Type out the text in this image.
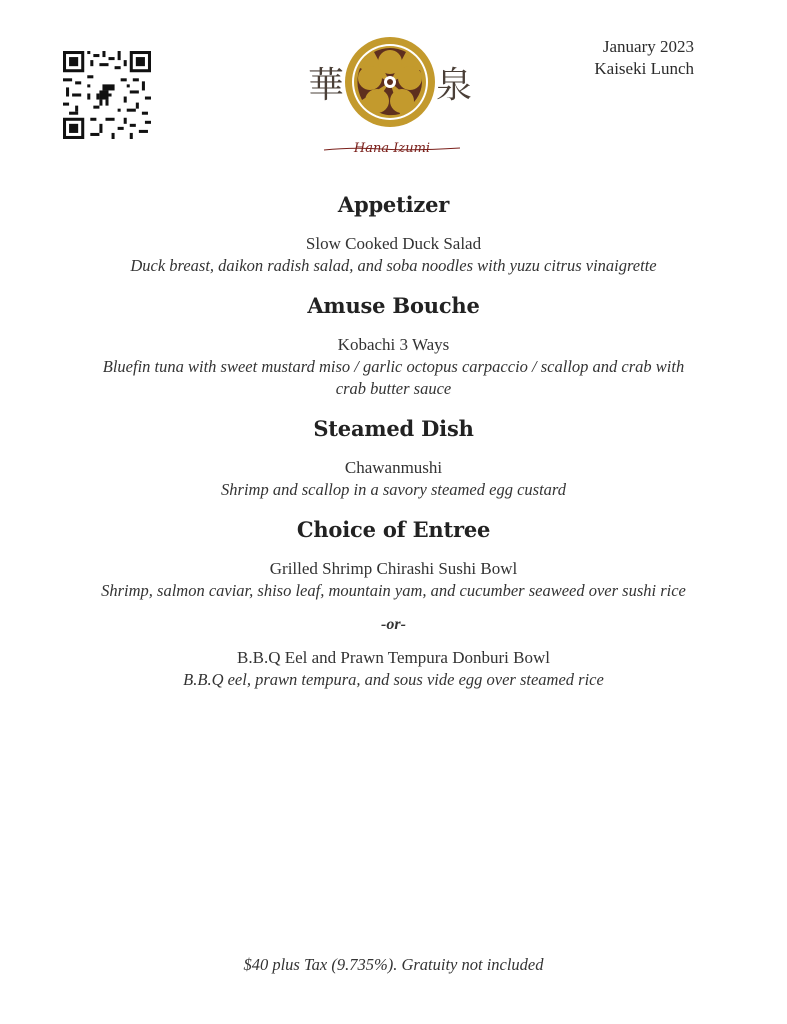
January 2023
Kaiseki Lunch
華	泉
Hana Izumi
Appetizer
Slow Cooked Duck Salad
Duck breast, daikon radish salad, and soba noodles with yuzu citrus vinaigrette
Amuse Bouche
Kobachi 3 Ways
Bluefin tuna with sweet mustard miso / garlic octopus carpaccio / scallop and crab with crab butter sauce
Steamed Dish
Chawanmushi
Shrimp and scallop in a savory steamed egg custard
Choice of Entree
Grilled Shrimp Chirashi Sushi Bowl
Shrimp, salmon caviar, shiso leaf, mountain yam, and cucumber seaweed over sushi rice
-or-
B.B.Q Eel and Prawn Tempura Donburi Bowl
B.B.Q eel, prawn tempura, and sous vide egg over steamed rice
$40 plus Tax (9.735%). Gratuity not included
